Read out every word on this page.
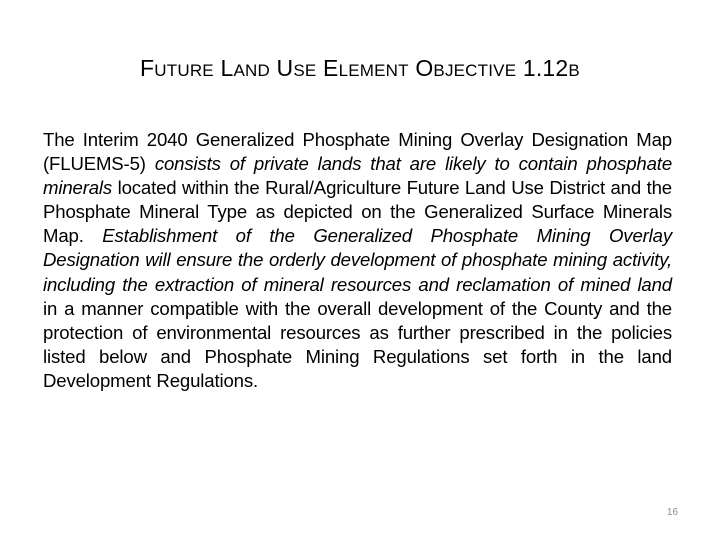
FUTURE LAND USE ELEMENT OBJECTIVE 1.12B

The Interim 2040 Generalized Phosphate Mining Overlay Designation Map (FLUEMS-5) consists of private lands that are likely to contain phosphate minerals located within the Rural/Agriculture Future Land Use District and the Phosphate Mineral Type as depicted on the Generalized Surface Minerals Map. Establishment of the Generalized Phosphate Mining Overlay Designation will ensure the orderly development of phosphate mining activity, including the extraction of mineral resources and reclamation of mined land in a manner compatible with the overall development of the County and the protection of environmental resources as further prescribed in the policies listed below and Phosphate Mining Regulations set forth in the land Development Regulations.

16
